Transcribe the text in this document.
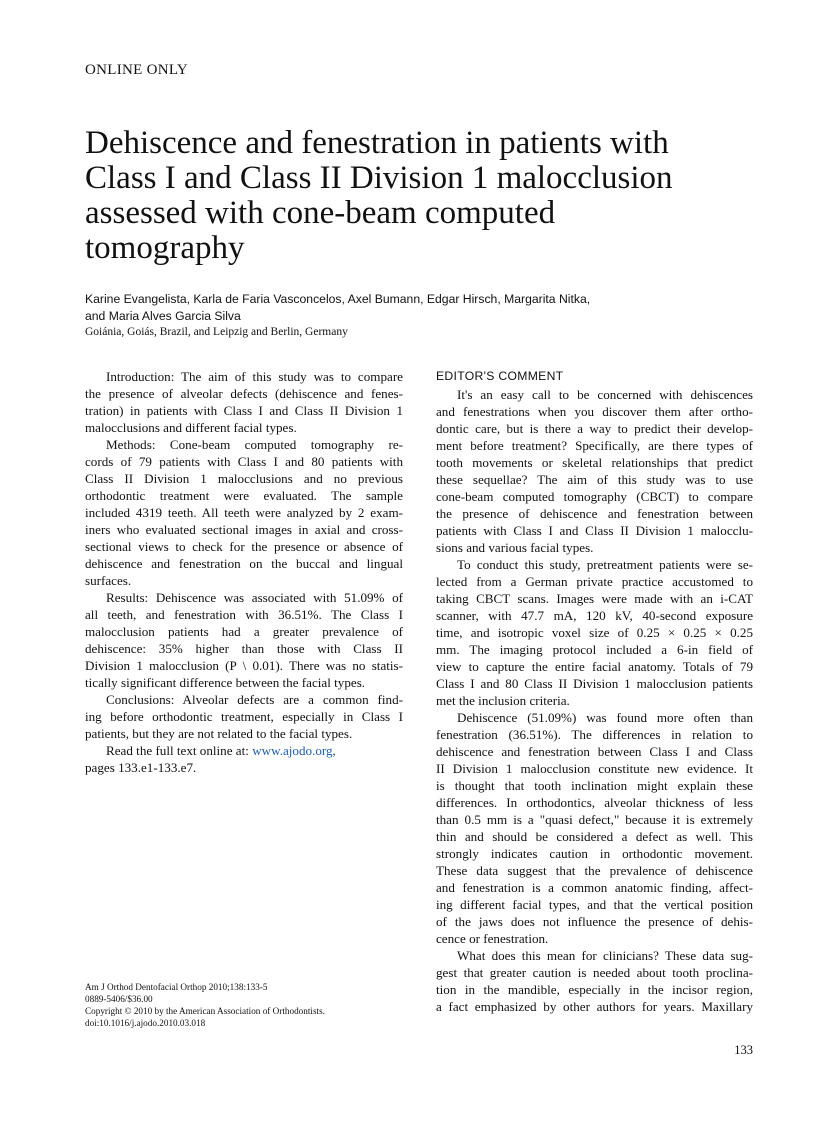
ONLINE ONLY
Dehiscence and fenestration in patients with
Class I and Class II Division 1 malocclusion
assessed with cone-beam computed
tomography
Karine Evangelista, Karla de Faria Vasconcelos, Axel Bumann, Edgar Hirsch, Margarita Nitka,
and Maria Alves Garcia Silva
Goiánia, Goiás, Brazil, and Leipzig and Berlin, Germany
Introduction: The aim of this study was to compare
the presence of alveolar defects (dehiscence and fenes-
tration) in patients with Class I and Class II Division 1
malocclusions and different facial types.
Methods: Cone-beam computed tomography re-
cords of 79 patients with Class I and 80 patients with
Class II Division 1 malocclusions and no previous
orthodontic treatment were evaluated. The sample
included 4319 teeth. All teeth were analyzed by 2 exam-
iners who evaluated sectional images in axial and cross-
sectional views to check for the presence or absence of
dehiscence and fenestration on the buccal and lingual
surfaces.
Results: Dehiscence was associated with 51.09% of
all teeth, and fenestration with 36.51%. The Class I
malocclusion patients had a greater prevalence of
dehiscence: 35% higher than those with Class II
Division 1 malocclusion (P \ 0.01). There was no statis-
tically significant difference between the facial types.
Conclusions: Alveolar defects are a common find-
ing before orthodontic treatment, especially in Class I
patients, but they are not related to the facial types.
Read the full text online at: www.ajodo.org,
pages 133.e1-133.e7.
EDITOR'S COMMENT
It's an easy call to be concerned with dehiscences
and fenestrations when you discover them after ortho-
dontic care, but is there a way to predict their develop-
ment before treatment? Specifically, are there types of
tooth movements or skeletal relationships that predict
these sequellae? The aim of this study was to use
cone-beam computed tomography (CBCT) to compare
the presence of dehiscence and fenestration between
patients with Class I and Class II Division 1 malocclu-
sions and various facial types.
To conduct this study, pretreatment patients were se-
lected from a German private practice accustomed to
taking CBCT scans. Images were made with an i-CAT
scanner, with 47.7 mA, 120 kV, 40-second exposure
time, and isotropic voxel size of 0.25 × 0.25 × 0.25
mm. The imaging protocol included a 6-in field of
view to capture the entire facial anatomy. Totals of 79
Class I and 80 Class II Division 1 malocclusion patients
met the inclusion criteria.
Dehiscence (51.09%) was found more often than
fenestration (36.51%). The differences in relation to
dehiscence and fenestration between Class I and Class
II Division 1 malocclusion constitute new evidence. It
is thought that tooth inclination might explain these
differences. In orthodontics, alveolar thickness of less
than 0.5 mm is a "quasi defect," because it is extremely
thin and should be considered a defect as well. This
strongly indicates caution in orthodontic movement.
These data suggest that the prevalence of dehiscence
and fenestration is a common anatomic finding, affect-
ing different facial types, and that the vertical position
of the jaws does not influence the presence of dehis-
cence or fenestration.
What does this mean for clinicians? These data sug-
gest that greater caution is needed about tooth proclina-
tion in the mandible, especially in the incisor region,
a fact emphasized by other authors for years. Maxillary
Am J Orthod Dentofacial Orthop 2010;138:133-5
0889-5406/$36.00
Copyright © 2010 by the American Association of Orthodontists.
doi:10.1016/j.ajodo.2010.03.018
133
